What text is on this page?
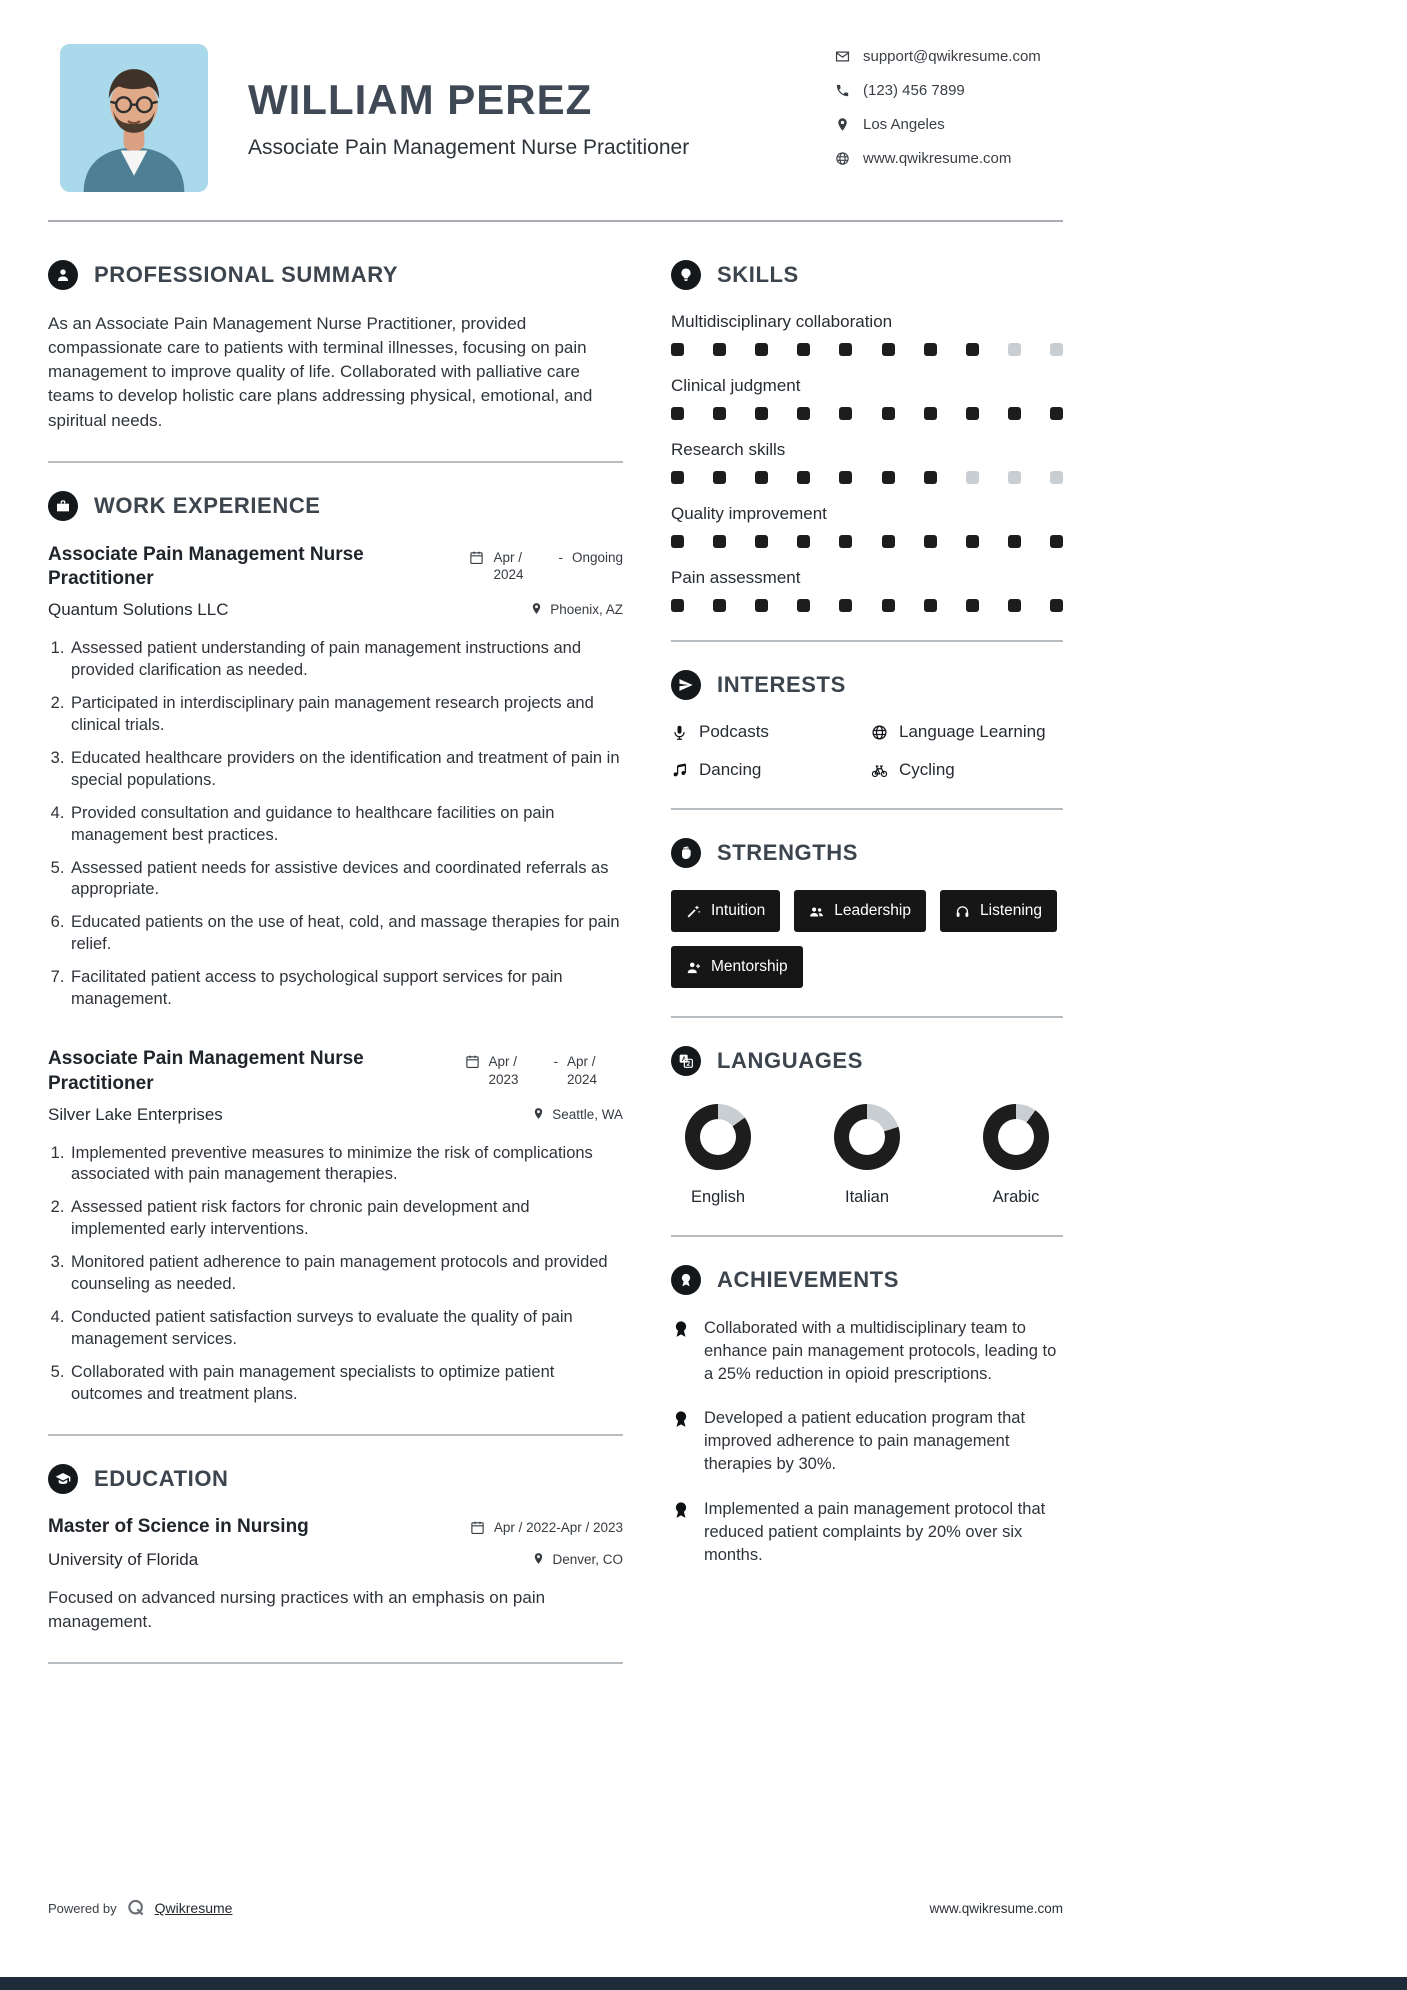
WILLIAM PEREZ
Associate Pain Management Nurse Practitioner
support@qwikresume.com
(123) 456 7899
Los Angeles
www.qwikresume.com
PROFESSIONAL SUMMARY

As an Associate Pain Management Nurse Practitioner, provided compassionate care to patients with terminal illnesses, focusing on pain management to improve quality of life. Collaborated with palliative care teams to develop holistic care plans addressing physical, emotional, and spiritual needs.

WORK EXPERIENCE
Associate Pain Management Nurse Practitioner
Apr / 2024
- Ongoing
Quantum Solutions LLC	Phoenix, AZ
1. Assessed patient understanding of pain management instructions and provided clarification as needed.
2. Participated in interdisciplinary pain management research projects and clinical trials.
3. Educated healthcare providers on the identification and treatment of pain in special populations.
4. Provided consultation and guidance to healthcare facilities on pain management best practices.
5. Assessed patient needs for assistive devices and coordinated referrals as appropriate.
6. Educated patients on the use of heat, cold, and massage therapies for pain relief.
7. Facilitated patient access to psychological support services for pain management.
Associate Pain Management Nurse Practitioner
Apr / 2023
- Apr / 2024
Silver Lake Enterprises	Seattle, WA
1. Implemented preventive measures to minimize the risk of complications associated with pain management therapies.
2. Assessed patient risk factors for chronic pain development and implemented early interventions.
3. Monitored patient adherence to pain management protocols and provided counseling as needed.
4. Conducted patient satisfaction surveys to evaluate the quality of pain management services.
5. Collaborated with pain management specialists to optimize patient outcomes and treatment plans.
EDUCATION
Master of Science in Nursing	Apr / 2022-Apr / 2023
University of Florida	Denver, CO

Focused on advanced nursing practices with an emphasis on pain management.

SKILLS
Multidisciplinary collaboration
Clinical judgment
Research skills
Quality improvement
Pain assessment
INTERESTS
Podcasts	Language Learning
Dancing	Cycling
STRENGTHS
Intuition	Leadership	Listening
Mentorship
LANGUAGES
English	Italian	Arabic
ACHIEVEMENTS
Collaborated with a multidisciplinary team to enhance pain management protocols, leading to a 25% reduction in opioid prescriptions.
Developed a patient education program that improved adherence to pain management therapies by 30%.
Implemented a pain management protocol that reduced patient complaints by 20% over six months.
Powered by	Qwikresume	www.qwikresume.com
